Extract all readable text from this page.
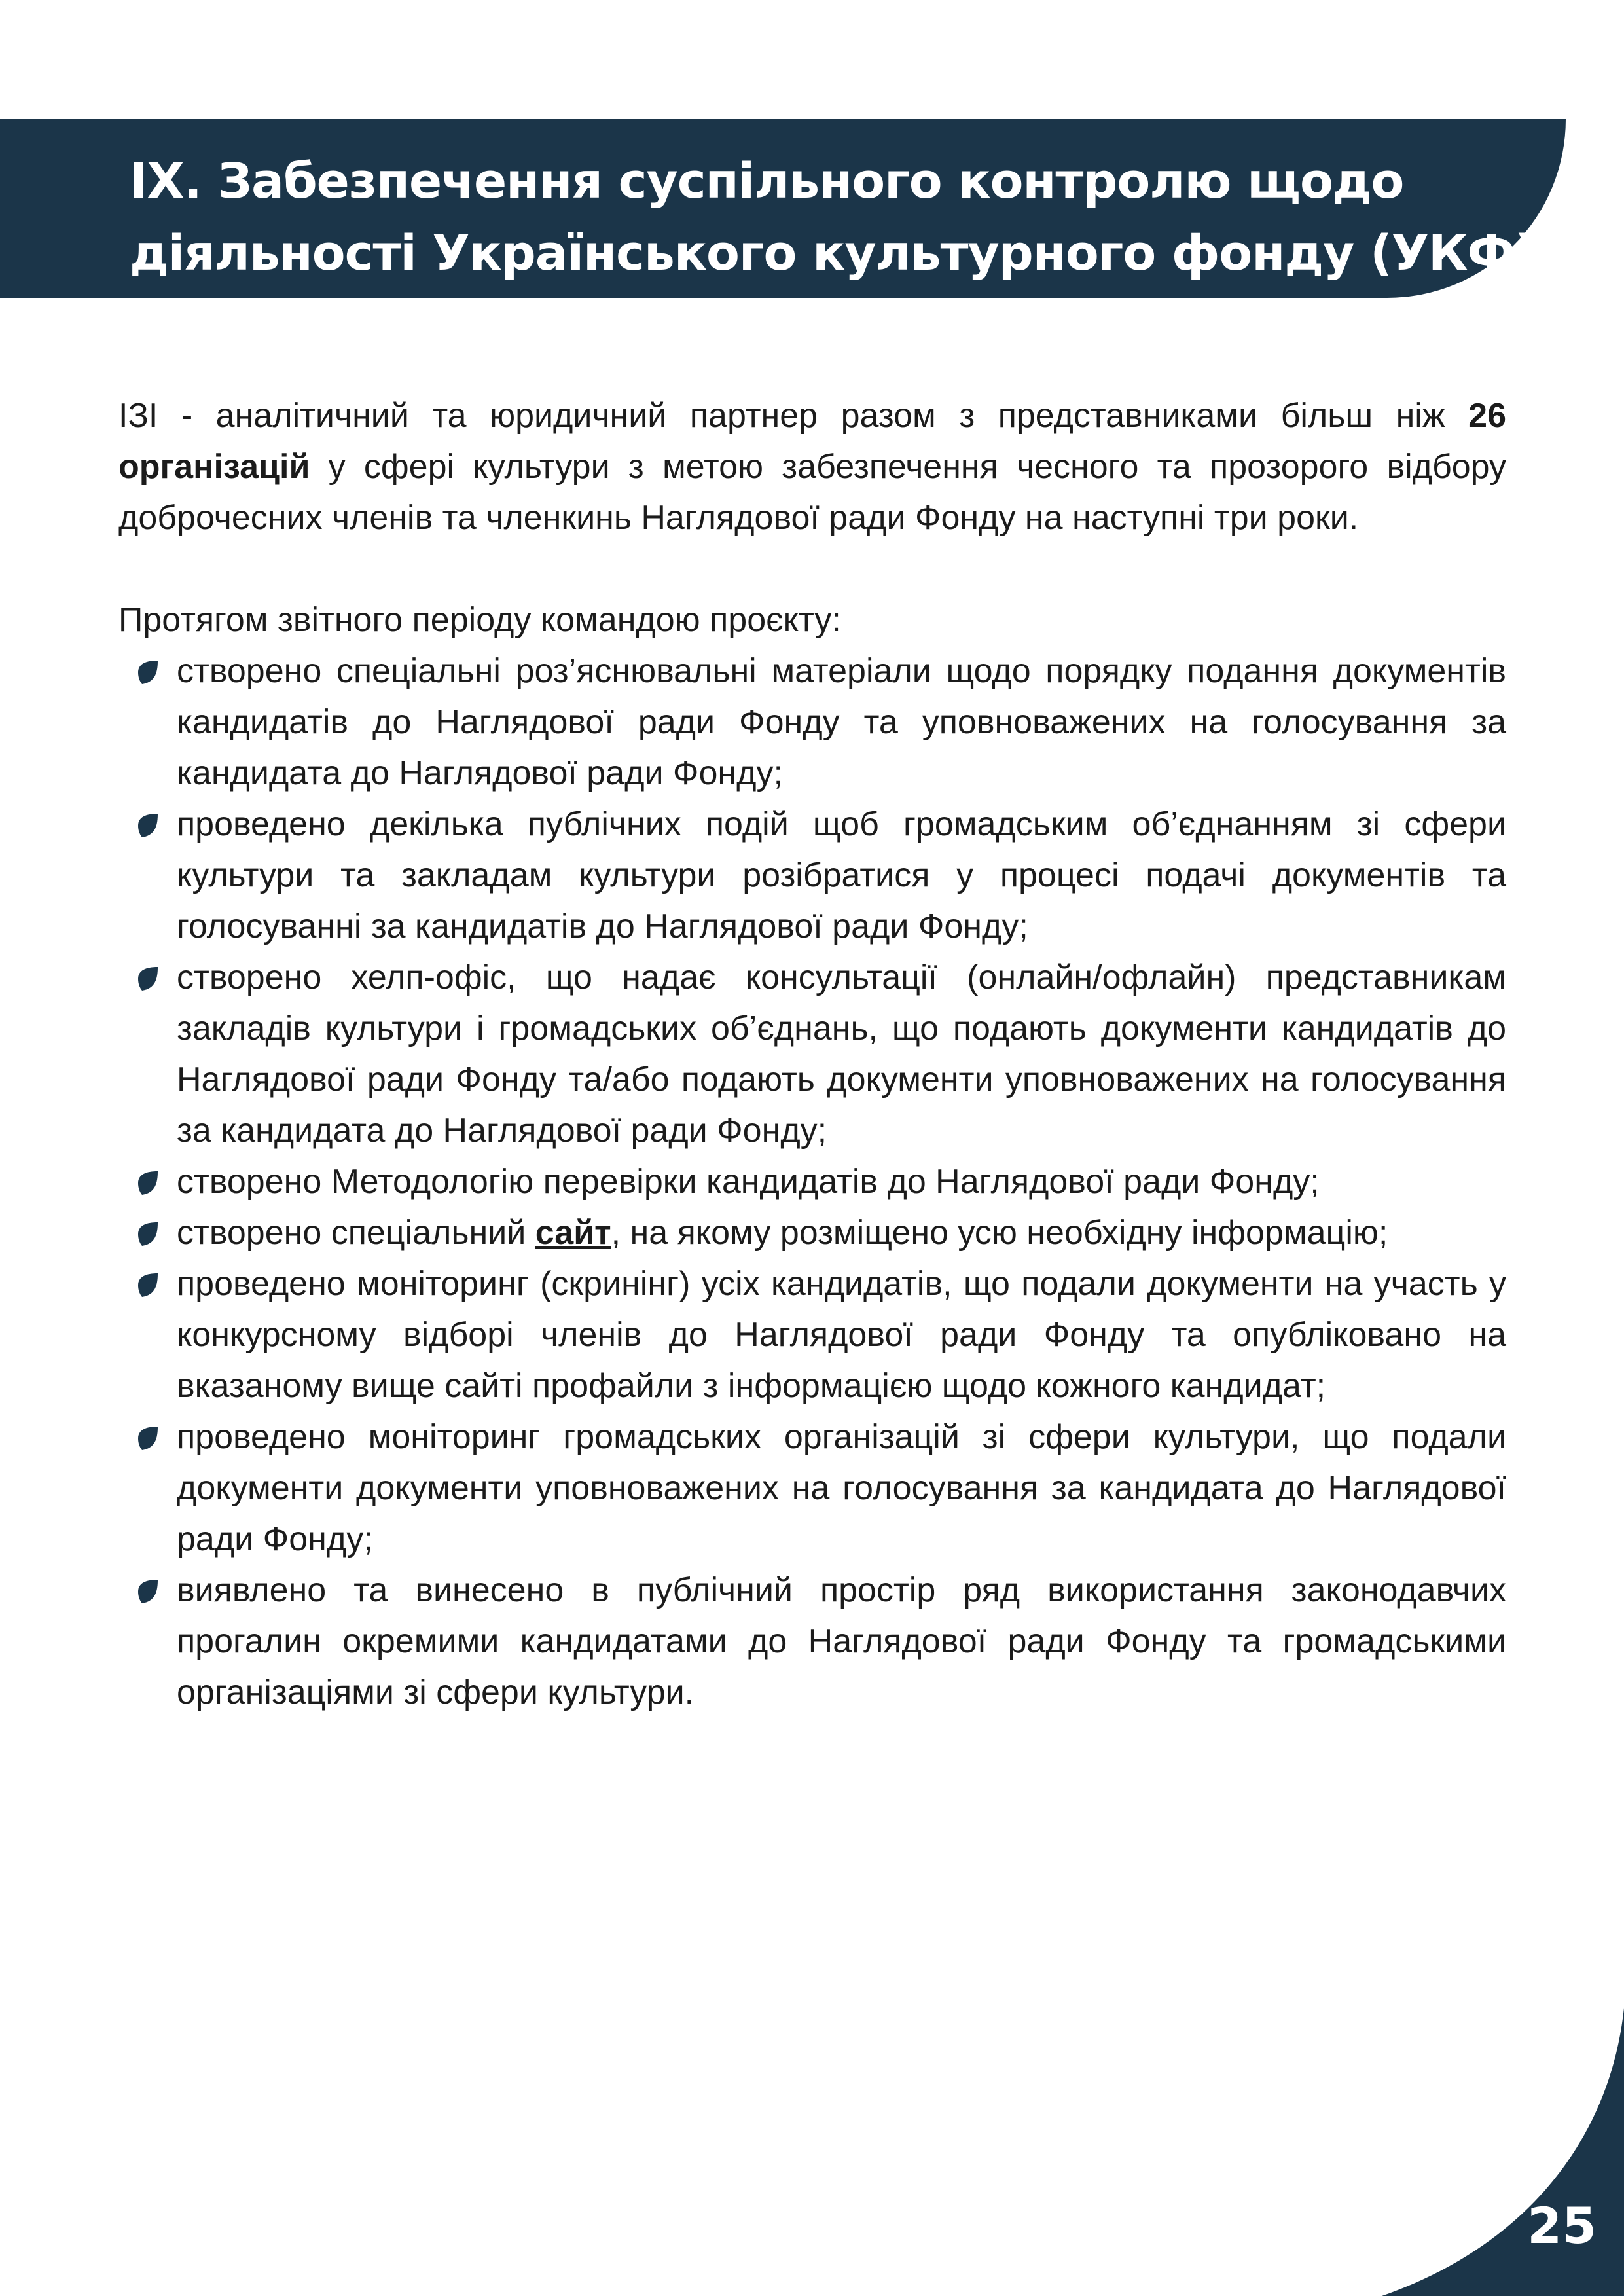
ІХ. Забезпечення суспільного контролю щодо
діяльності Українського культурного фонду (УКФ)

ІЗІ - аналітичний та юридичний партнер разом з представниками більш ніж 26 організацій у сфері культури з метою забезпечення чесного та прозорого відбору доброчесних членів та членкинь Наглядової ради Фонду на наступні три роки.

Протягом звітного періоду командою проєкту:

створено спеціальні роз’яснювальні матеріали щодо порядку подання документів кандидатів до Наглядової ради Фонду та уповноважених на голосування за кандидата до Наглядової ради Фонду;
проведено декілька публічних подій щоб громадським об’єднанням зі сфери культури та закладам культури розібратися у процесі подачі документів та голосуванні за кандидатів до Наглядової ради Фонду;
створено хелп-офіс, що надає консультації (онлайн/офлайн) представникам закладів культури і громадських об’єднань, що подають документи кандидатів до Наглядової ради Фонду та/або подають документи уповноважених на голосування за кандидата до Наглядової ради Фонду;
створено Методологію перевірки кандидатів до Наглядової ради Фонду;
створено спеціальний сайт, на якому розміщено усю необхідну інформацію;
проведено моніторинг (скринінг) усіх кандидатів, що подали документи на участь у конкурсному відборі членів до Наглядової ради Фонду та опубліковано на вказаному вище сайті профайли з інформацією щодо кожного кандидат;
проведено моніторинг громадських організацій зі сфери культури, що подали документи документи уповноважених на голосування за кандидата до Наглядової ради Фонду;
виявлено та винесено в публічний простір ряд використання законодавчих прогалин окремими кандидатами до Наглядової ради Фонду та громадськими організаціями зі сфери культури.
25
